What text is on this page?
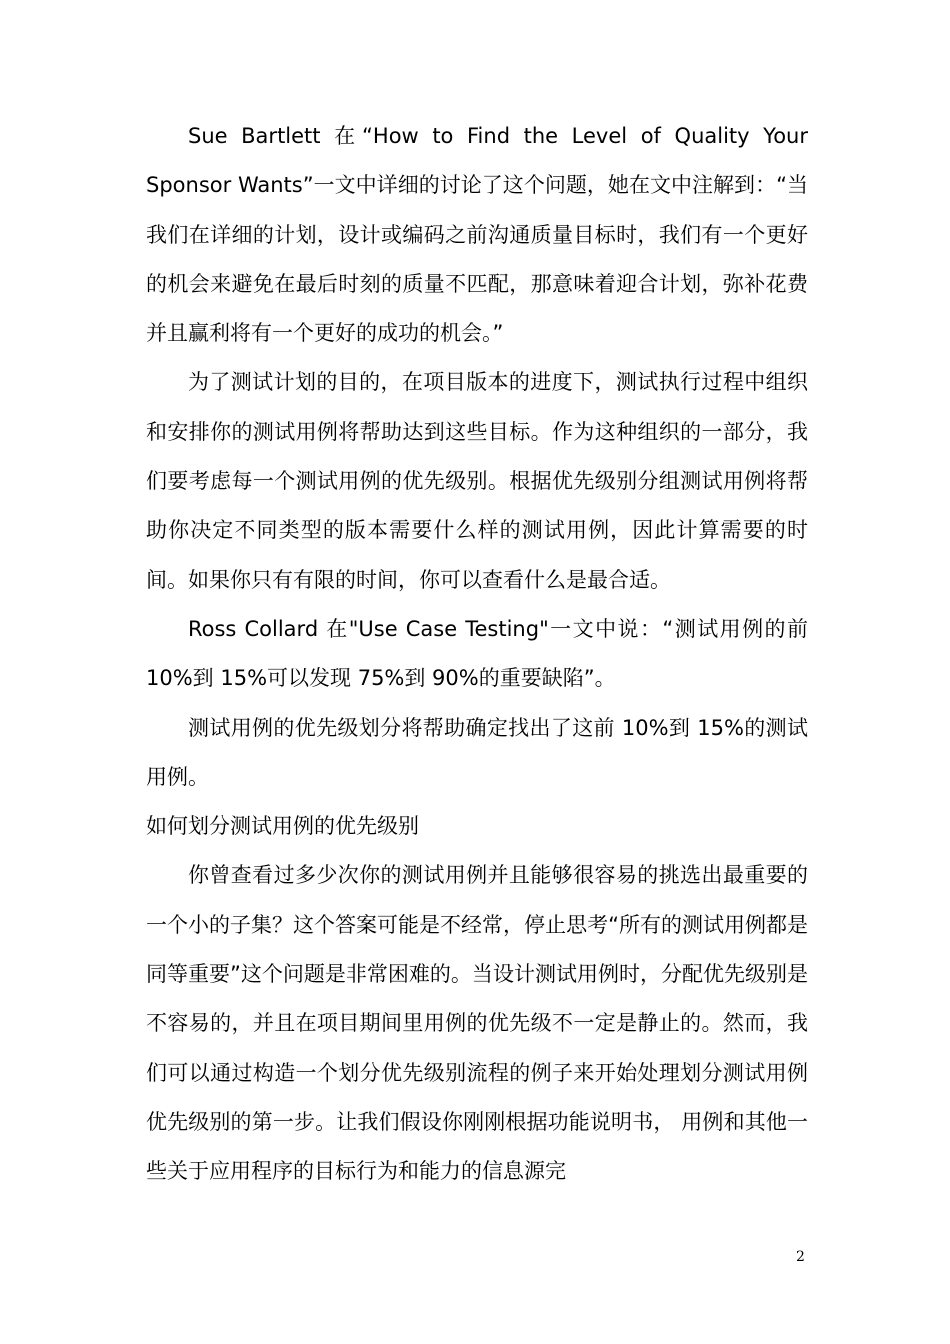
Sue Bartlett 在“How to Find the Level of Quality Your Sponsor Wants”一文中详细的讨论了这个问题，她在文中注解到：“当我们在详细的计划，设计或编码之前沟通质量目标时，我们有一个更好的机会来避免在最后时刻的质量不匹配，那意味着迎合计划，弥补花费并且赢利将有一个更好的成功的机会。”

为了测试计划的目的，在项目版本的进度下，测试执行过程中组织和安排你的测试用例将帮助达到这些目标。作为这种组织的一部分，我们要考虑每一个测试用例的优先级别。根据优先级别分组测试用例将帮助你决定不同类型的版本需要什么样的测试用例，因此计算需要的时间。如果你只有有限的时间，你可以查看什么是最合适。

Ross Collard 在"Use Case Testing"一文中说：“测试用例的前 10%到 15%可以发现 75%到 90%的重要缺陷”。

测试用例的优先级划分将帮助确定找出了这前 10%到 15%的测试用例。

如何划分测试用例的优先级别

你曾查看过多少次你的测试用例并且能够很容易的挑选出最重要的一个小的子集？这个答案可能是不经常，停止思考“所有的测试用例都是同等重要”这个问题是非常困难的。当设计测试用例时，分配优先级别是不容易的，并且在项目期间里用例的优先级不一定是静止的。然而，我们可以通过构造一个划分优先级别流程的例子来开始处理划分测试用例优先级别的第一步。让我们假设你刚刚根据功能说明书， 用例和其他一些关于应用程序的目标行为和能力的信息源完

2
